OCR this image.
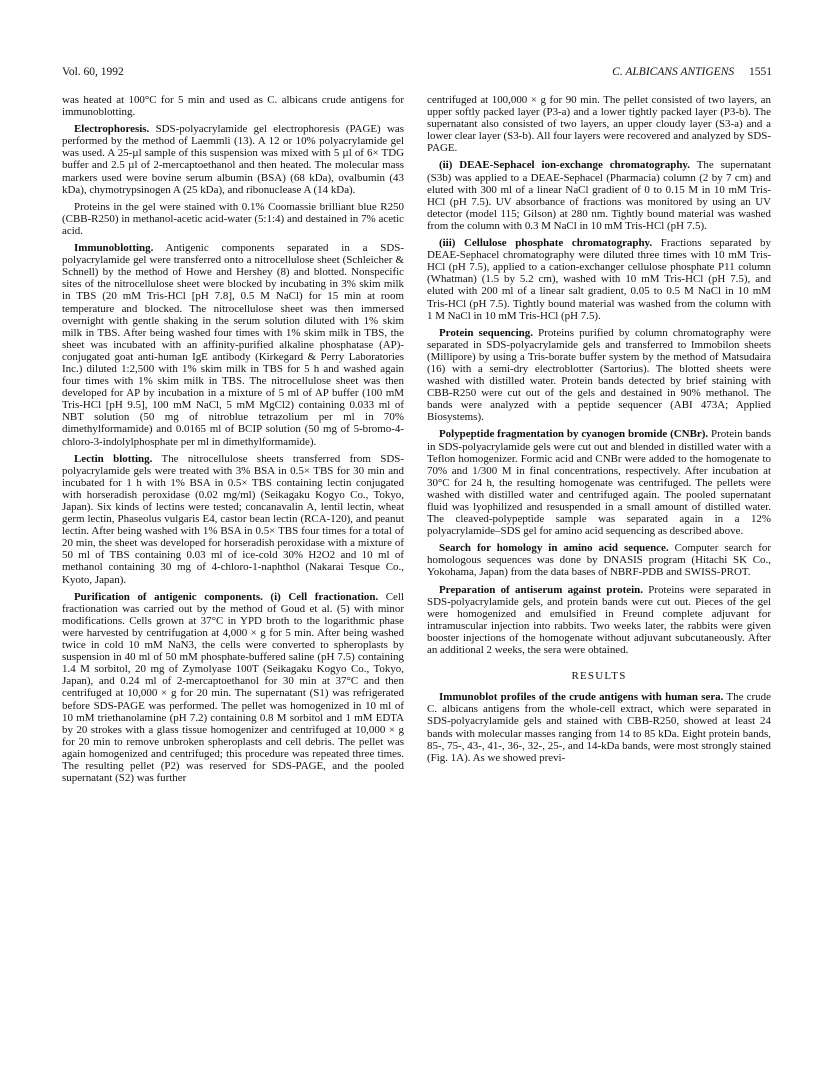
Vol. 60, 1992	C. ALBICANS ANTIGENS 1551

was heated at 100°C for 5 min and used as C. albicans crude antigens for immunoblotting.

Electrophoresis. SDS-polyacrylamide gel electrophoresis (PAGE) was performed by the method of Laemmli (13). A 12 or 10% polyacrylamide gel was used. A 25-µl sample of this suspension was mixed with 5 µl of 6× TDG buffer and 2.5 µl of 2-mercaptoethanol and then heated. The molecular mass markers used were bovine serum albumin (BSA) (68 kDa), ovalbumin (43 kDa), chymotrypsinogen A (25 kDa), and ribonuclease A (14 kDa).

Proteins in the gel were stained with 0.1% Coomassie brilliant blue R250 (CBB-R250) in methanol-acetic acid-water (5:1:4) and destained in 7% acetic acid.

Immunoblotting. Antigenic components separated in a SDS-polyacrylamide gel were transferred onto a nitrocellulose sheet (Schleicher & Schnell) by the method of Howe and Hershey (8) and blotted. Nonspecific sites of the nitrocellulose sheet were blocked by incubating in 3% skim milk in TBS (20 mM Tris-HCl [pH 7.8], 0.5 M NaCl) for 15 min at room temperature and blocked. The nitrocellulose sheet was then immersed overnight with gentle shaking in the serum solution diluted with 1% skim milk in TBS. After being washed four times with 1% skim milk in TBS, the sheet was incubated with an affinity-purified alkaline phosphatase (AP)-conjugated goat anti-human IgE antibody (Kirkegard & Perry Laboratories Inc.) diluted 1:2,500 with 1% skim milk in TBS for 5 h and washed again four times with 1% skim milk in TBS. The nitrocellulose sheet was then developed for AP by incubation in a mixture of 5 ml of AP buffer (100 mM Tris-HCl [pH 9.5], 100 mM NaCl, 5 mM MgCl2) containing 0.033 ml of NBT solution (50 mg of nitroblue tetrazolium per ml in 70% dimethylformamide) and 0.0165 ml of BCIP solution (50 mg of 5-bromo-4-chloro-3-indolylphosphate per ml in dimethylformamide).

Lectin blotting. The nitrocellulose sheets transferred from SDS-polyacrylamide gels were treated with 3% BSA in 0.5× TBS for 30 min and incubated for 1 h with 1% BSA in 0.5× TBS containing lectin conjugated with horseradish peroxidase (0.02 mg/ml) (Seikagaku Kogyo Co., Tokyo, Japan). Six kinds of lectins were tested; concanavalin A, lentil lectin, wheat germ lectin, Phaseolus vulgaris E4, castor bean lectin (RCA-120), and peanut lectin. After being washed with 1% BSA in 0.5× TBS four times for a total of 20 min, the sheet was developed for horseradish peroxidase with a mixture of 50 ml of TBS containing 0.03 ml of ice-cold 30% H2O2 and 10 ml of methanol containing 30 mg of 4-chloro-1-naphthol (Nakarai Tesque Co., Kyoto, Japan).

Purification of antigenic components. (i) Cell fractionation. Cell fractionation was carried out by the method of Goud et al. (5) with minor modifications. Cells grown at 37°C in YPD broth to the logarithmic phase were harvested by centrifugation at 4,000 × g for 5 min. After being washed twice in cold 10 mM NaN3, the cells were converted to spheroplasts by suspension in 40 ml of 50 mM phosphate-buffered saline (pH 7.5) containing 1.4 M sorbitol, 20 mg of Zymolyase 100T (Seikagaku Kogyo Co., Tokyo, Japan), and 0.24 ml of 2-mercaptoethanol for 30 min at 37°C and then centrifuged at 10,000 × g for 20 min. The supernatant (S1) was refrigerated before SDS-PAGE was performed. The pellet was homogenized in 10 ml of 10 mM triethanolamine (pH 7.2) containing 0.8 M sorbitol and 1 mM EDTA by 20 strokes with a glass tissue homogenizer and centrifuged at 10,000 × g for 20 min to remove unbroken spheroplasts and cell debris. The pellet was again homogenized and centrifuged; this procedure was repeated three times. The resulting pellet (P2) was reserved for SDS-PAGE, and the pooled supernatant (S2) was further

centrifuged at 100,000 × g for 90 min. The pellet consisted of two layers, an upper softly packed layer (P3-a) and a lower tightly packed layer (P3-b). The supernatant also consisted of two layers, an upper cloudy layer (S3-a) and a lower clear layer (S3-b). All four layers were recovered and analyzed by SDS-PAGE.

(ii) DEAE-Sephacel ion-exchange chromatography. The supernatant (S3b) was applied to a DEAE-Sephacel (Pharmacia) column (2 by 7 cm) and eluted with 300 ml of a linear NaCl gradient of 0 to 0.15 M in 10 mM Tris-HCl (pH 7.5). UV absorbance of fractions was monitored by using an UV detector (model 115; Gilson) at 280 nm. Tightly bound material was washed from the column with 0.3 M NaCl in 10 mM Tris-HCl (pH 7.5).

(iii) Cellulose phosphate chromatography. Fractions separated by DEAE-Sephacel chromatography were diluted three times with 10 mM Tris-HCl (pH 7.5), applied to a cation-exchanger cellulose phosphate P11 column (Whatman) (1.5 by 5.2 cm), washed with 10 mM Tris-HCl (pH 7.5), and eluted with 200 ml of a linear salt gradient, 0.05 to 0.5 M NaCl in 10 mM Tris-HCl (pH 7.5). Tightly bound material was washed from the column with 1 M NaCl in 10 mM Tris-HCl (pH 7.5).

Protein sequencing. Proteins purified by column chromatography were separated in SDS-polyacrylamide gels and transferred to Immobilon sheets (Millipore) by using a Tris-borate buffer system by the method of Matsudaira (16) with a semi-dry electroblotter (Sartorius). The blotted sheets were washed with distilled water. Protein bands detected by brief staining with CBB-R250 were cut out of the gels and destained in 90% methanol. The bands were analyzed with a peptide sequencer (ABI 473A; Applied Biosystems).

Polypeptide fragmentation by cyanogen bromide (CNBr). Protein bands in SDS-polyacrylamide gels were cut out and blended in distilled water with a Teflon homogenizer. Formic acid and CNBr were added to the homogenate to 70% and 1/300 M in final concentrations, respectively. After incubation at 30°C for 24 h, the resulting homogenate was centrifuged. The pellets were washed with distilled water and centrifuged again. The pooled supernatant fluid was lyophilized and resuspended in a small amount of distilled water. The cleaved-polypeptide sample was separated again in a 12% polyacrylamide–SDS gel for amino acid sequencing as described above.

Search for homology in amino acid sequence. Computer search for homologous sequences was done by DNASIS program (Hitachi SK Co., Yokohama, Japan) from the data bases of NBRF-PDB and SWISS-PROT.

Preparation of antiserum against protein. Proteins were separated in SDS-polyacrylamide gels, and protein bands were cut out. Pieces of the gel were homogenized and emulsified in Freund complete adjuvant for intramuscular injection into rabbits. Two weeks later, the rabbits were given booster injections of the homogenate without adjuvant subcutaneously. After an additional 2 weeks, the sera were obtained.

RESULTS

Immunoblot profiles of the crude antigens with human sera. The crude C. albicans antigens from the whole-cell extract, which were separated in SDS-polyacrylamide gels and stained with CBB-R250, showed at least 24 bands with molecular masses ranging from 14 to 85 kDa. Eight protein bands, 85-, 75-, 43-, 41-, 36-, 32-, 25-, and 14-kDa bands, were most strongly stained (Fig. 1A). As we showed previ-
